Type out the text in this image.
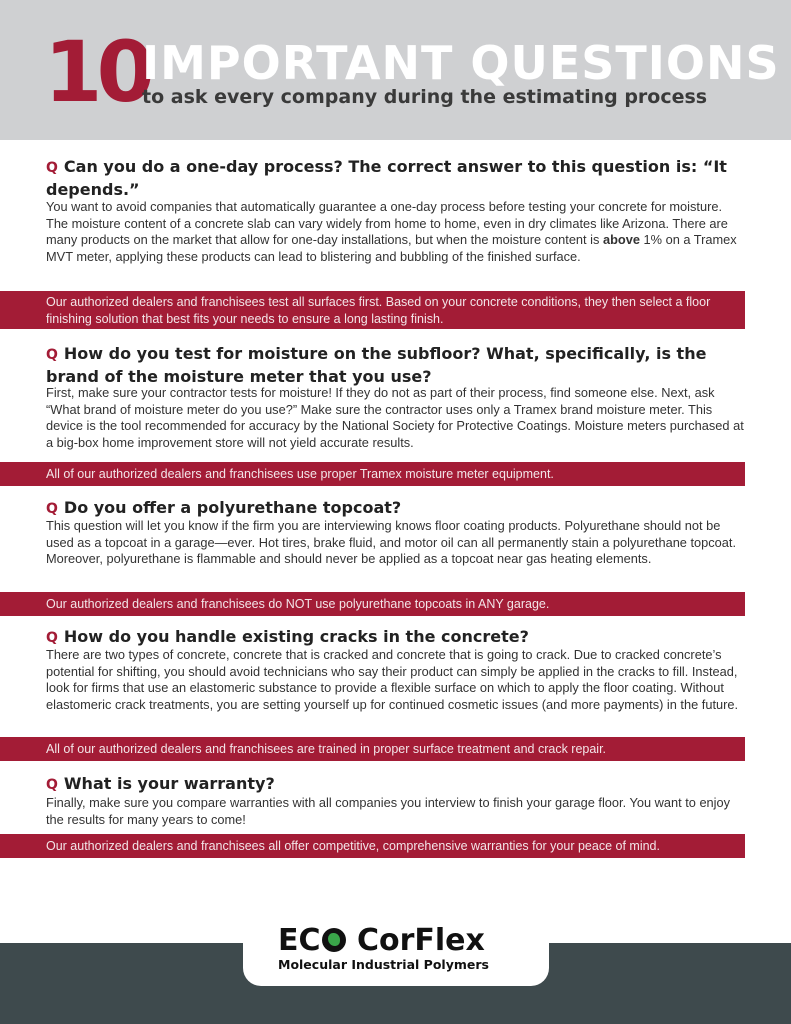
10
IMPORTANT QUESTIONS
to ask every company during the estimating process
Q Can you do a one-day process? The correct answer to this question is: “It depends.”
You want to avoid companies that automatically guarantee a one-day process before testing your concrete for moisture. The moisture content of a concrete slab can vary widely from home to home, even in dry climates like Arizona. There are many products on the market that allow for one-day installations, but when the moisture content is above 1% on a Tramex MVT meter, applying these products can lead to blistering and bubbling of the finished surface.
Our authorized dealers and franchisees test all surfaces first. Based on your concrete conditions, they then select a floor finishing solution that best fits your needs to ensure a long lasting finish.
Q How do you test for moisture on the subfloor? What, specifically, is the brand of the moisture meter that you use?
First, make sure your contractor tests for moisture! If they do not as part of their process, find someone else. Next, ask “What brand of moisture meter do you use?” Make sure the contractor uses only a Tramex brand moisture meter. This device is the tool recommended for accuracy by the National Society for Protective Coatings. Moisture meters purchased at a big-box home improvement store will not yield accurate results.
All of our authorized dealers and franchisees use proper Tramex moisture meter equipment.
Q Do you offer a polyurethane topcoat?
This question will let you know if the firm you are interviewing knows floor coating products. Polyurethane should not be used as a topcoat in a garage—ever. Hot tires, brake fluid, and motor oil can all permanently stain a polyurethane topcoat. Moreover, polyurethane is flammable and should never be applied as a topcoat near gas heating elements.
Our authorized dealers and franchisees do NOT use polyurethane topcoats in ANY garage.
Q How do you handle existing cracks in the concrete?
There are two types of concrete, concrete that is cracked and concrete that is going to crack. Due to cracked concrete’s potential for shifting, you should avoid technicians who say their product can simply be applied in the cracks to fill. Instead, look for firms that use an elastomeric substance to provide a flexible surface on which to apply the floor coating. Without elastomeric crack treatments, you are setting yourself up for continued cosmetic issues (and more payments) in the future.
All of our authorized dealers and franchisees are trained in proper surface treatment and crack repair.
Q What is your warranty?
Finally, make sure you compare warranties with all companies you interview to finish your garage floor. You want to enjoy the results for many years to come!
Our authorized dealers and franchisees all offer competitive, comprehensive warranties for your peace of mind.
EC CorFlex
Molecular Industrial Polymers
